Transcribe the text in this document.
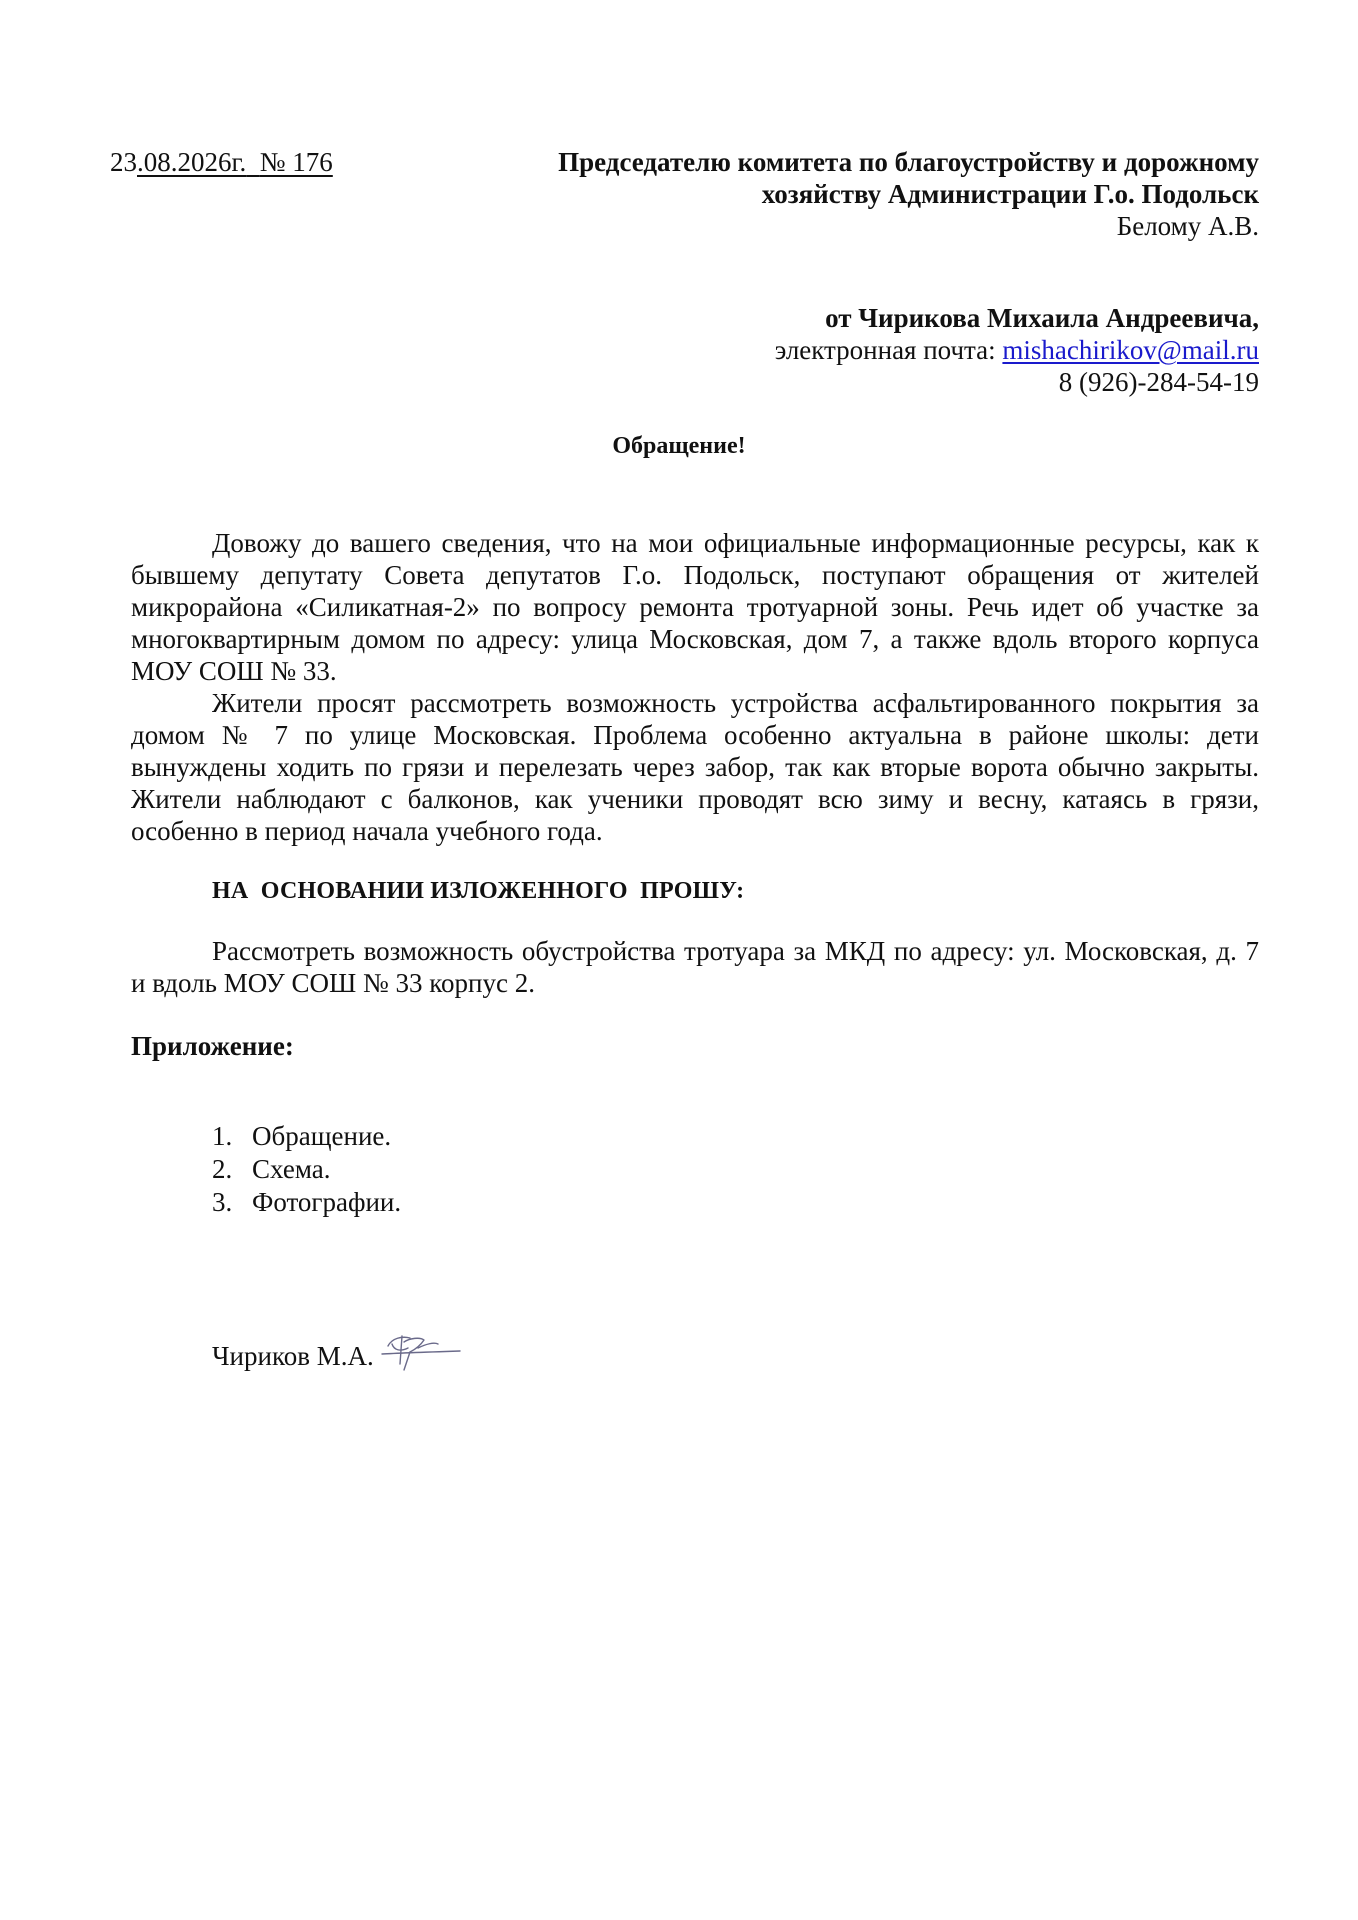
23.08.2026г. № 176	Председателю комитета по благоустройству и дорожному
хозяйству Администрации Г.о. Подольск
Белому А.В.
от Чирикова Михаила Андреевича,
электронная почта: mishachirikov@mail.ru
8 (926)-284-54-19
Обращение!

Довожу до вашего сведения, что на мои официальные информационные ресурсы, как к бывшему депутату Совета депутатов Г.о. Подольск, поступают обращения от жителей микрорайона «Силикатная-2» по вопросу ремонта тротуарной зоны. Речь идет об участке за многоквартирным домом по адресу: улица Московская, дом 7, а также вдоль второго корпуса МОУ СОШ № 33.

Жители просят рассмотреть возможность устройства асфальтированного покрытия за домом № 7 по улице Московская. Проблема особенно актуальна в районе школы: дети вынуждены ходить по грязи и перелезать через забор, так как вторые ворота обычно закрыты. Жители наблюдают с балконов, как ученики проводят всю зиму и весну, катаясь в грязи, особенно в период начала учебного года.

НА  ОСНОВАНИИ ИЗЛОЖЕННОГО  ПРОШУ:

Рассмотреть возможность обустройства тротуара за МКД по адресу: ул. Московская, д. 7 и вдоль МОУ СОШ № 33 корпус 2.

Приложение:
1. Обращение.
2. Схема.
3. Фотографии.
Чириков М.А.
